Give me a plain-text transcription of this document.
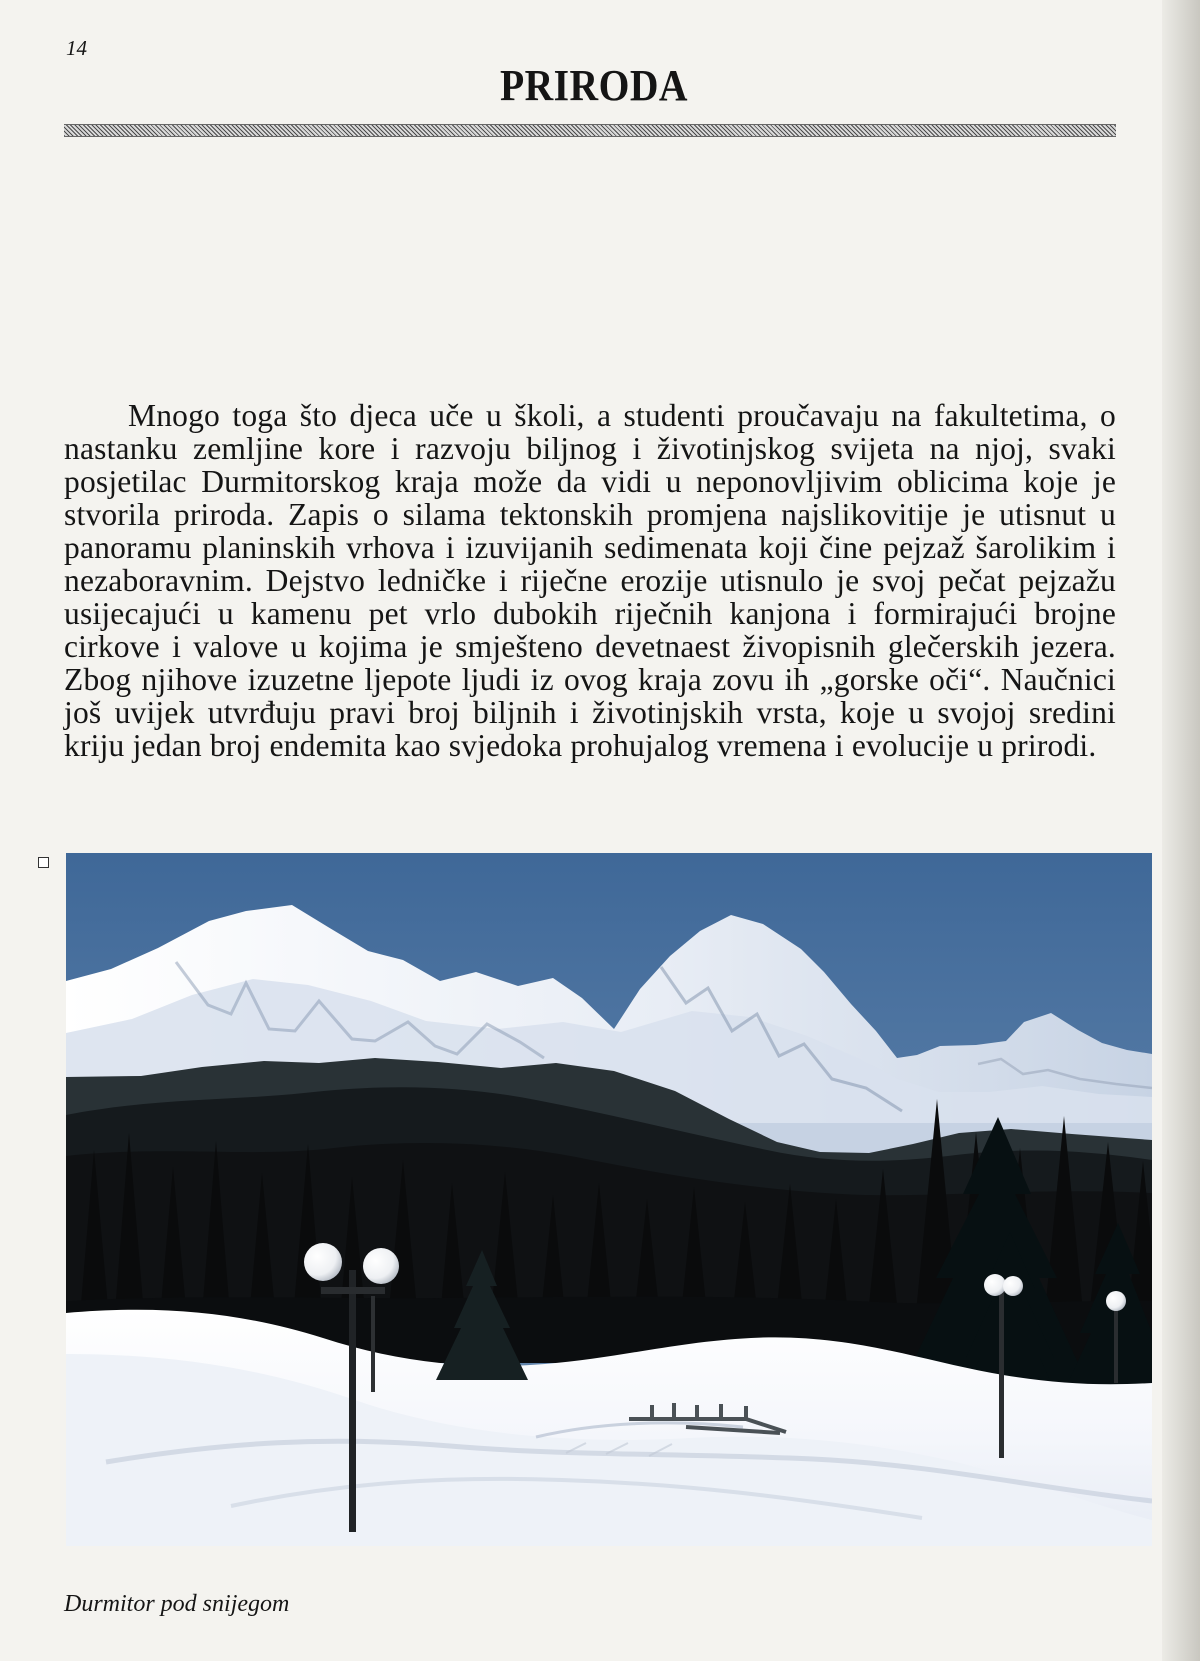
14
PRIRODA

Mnogo toga što djeca uče u školi, a studenti proučavaju na fakultetima, o nastanku zemljine kore i razvoju biljnog i životinjskog svijeta na njoj, svaki posjetilac Durmitorskog kraja može da vidi u neponovljivim oblicima koje je stvorila priroda. Zapis o silama tektonskih promjena najslikovitije je utisnut u panoramu planinskih vrhova i izuvijanih sedimenata koji čine pejzaž šarolikim i nezaboravnim. Dejstvo ledničke i riječne erozije utisnulo je svoj pečat pejzažu usijecajući u kamenu pet vrlo dubokih riječnih kanjona i formirajući brojne cirkove i valove u kojima je smješteno devetnaest živopisnih glečerskih jezera. Zbog njihove izuzetne ljepote ljudi iz ovog kraja zovu ih „gorske oči“. Naučnici još uvijek utvrđuju pravi broj biljnih i životinjskih vrsta, koje u svojoj sredini kriju jedan broj endemita kao svjedoka prohujalog vremena i evolucije u prirodi.

Durmitor pod snijegom
